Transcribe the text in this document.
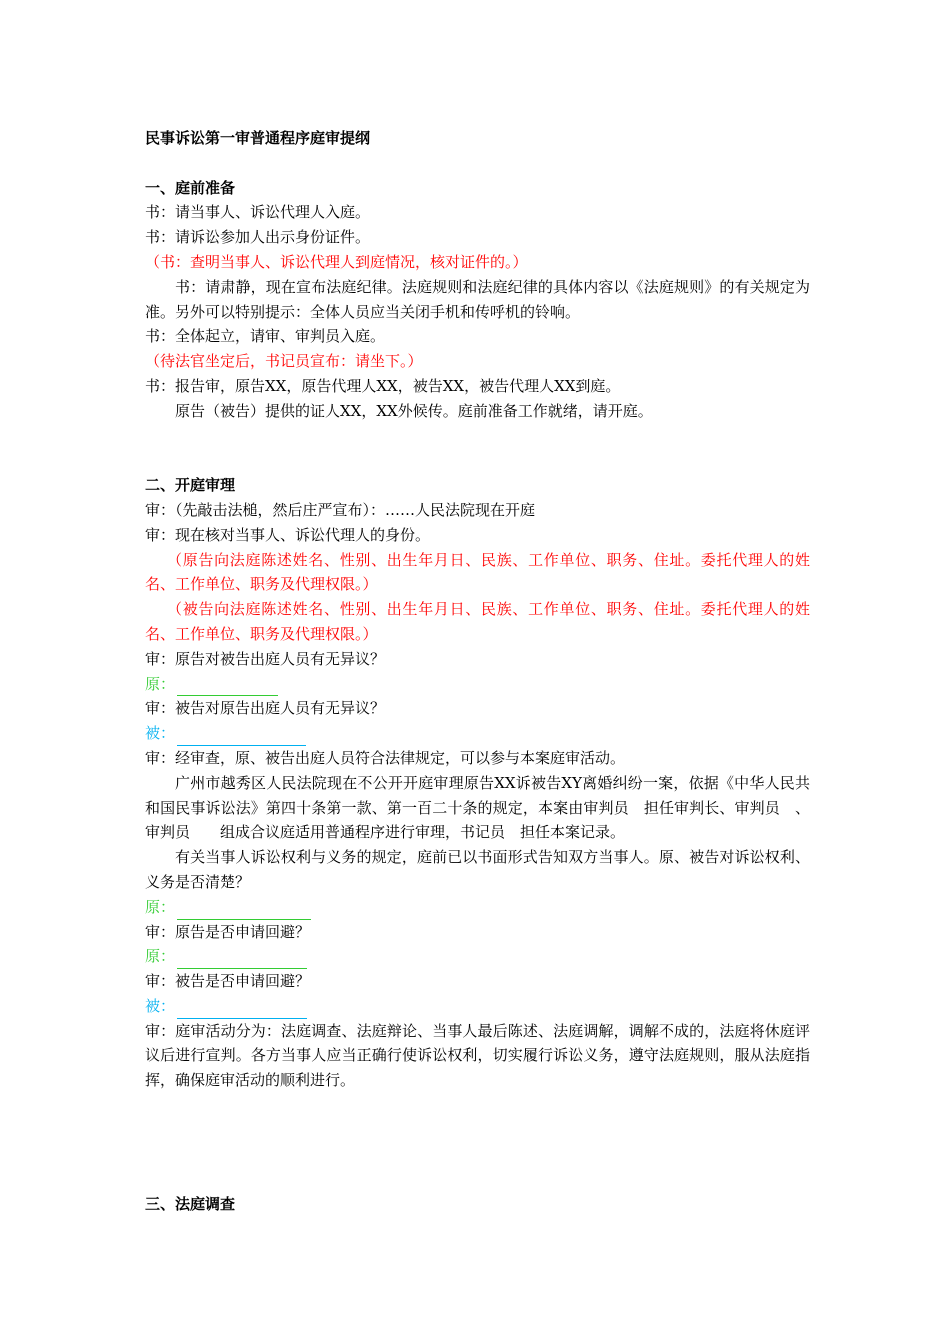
民事诉讼第一审普通程序庭审提纲

一、庭前准备

书：请当事人、诉讼代理人入庭。

书：请诉讼参加人出示身份证件。

（书：查明当事人、诉讼代理人到庭情况，核对证件的。）

书：请肃静，现在宣布法庭纪律。法庭规则和法庭纪律的具体内容以《法庭规则》的有关规定为准。另外可以特别提示：全体人员应当关闭手机和传呼机的铃响。

书：全体起立，请审、审判员入庭。

（待法官坐定后，书记员宣布：请坐下。）

书：报告审，原告XX，原告代理人XX，被告XX，被告代理人XX到庭。

原告（被告）提供的证人XX，XX外候传。庭前准备工作就绪，请开庭。

二、开庭审理

审：（先敲击法槌，然后庄严宣布）：……人民法院现在开庭

审：现在核对当事人、诉讼代理人的身份。

（原告向法庭陈述姓名、性别、出生年月日、民族、工作单位、职务、住址。委托代理人的姓名、工作单位、职务及代理权限。）

（被告向法庭陈述姓名、性别、出生年月日、民族、工作单位、职务、住址。委托代理人的姓名、工作单位、职务及代理权限。）

审：原告对被告出庭人员有无异议？

原：

审：被告对原告出庭人员有无异议？

被：

审：经审查，原、被告出庭人员符合法律规定，可以参与本案庭审活动。

广州市越秀区人民法院现在不公开开庭审理原告XX诉被告XY离婚纠纷一案，依据《中华人民共和国民事诉讼法》第四十条第一款、第一百二十条的规定，本案由审判员　担任审判长、审判员　、审判员　　组成合议庭适用普通程序进行审理，书记员　担任本案记录。

有关当事人诉讼权利与义务的规定，庭前已以书面形式告知双方当事人。原、被告对诉讼权利、义务是否清楚？

原：

审：原告是否申请回避？

原：

审：被告是否申请回避？

被：

审：庭审活动分为：法庭调查、法庭辩论、当事人最后陈述、法庭调解，调解不成的，法庭将休庭评议后进行宣判。各方当事人应当正确行使诉讼权利，切实履行诉讼义务，遵守法庭规则，服从法庭指挥，确保庭审活动的顺利进行。

三、法庭调查
